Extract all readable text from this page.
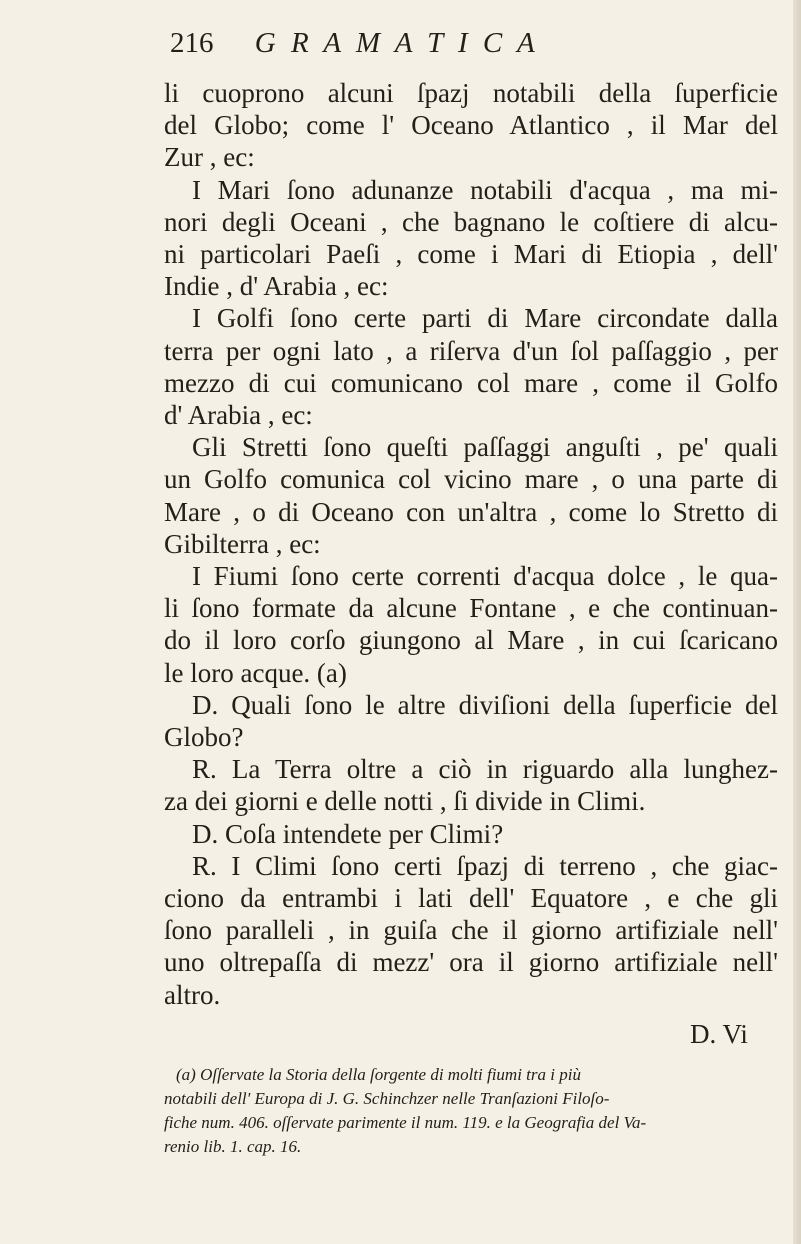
216 G R A M A T I C A
li cuoprono alcuni ſpazj notabili della ſuperficie
del Globo; come l' Oceano Atlantico , il Mar del
Zur , ec:
I Mari ſono adunanze notabili d'acqua , ma mi-
nori degli Oceani , che bagnano le coſtiere di alcu-
ni particolari Paeſi , come i Mari di Etiopia , dell'
Indie , d' Arabia , ec:
I Golfi ſono certe parti di Mare circondate dalla
terra per ogni lato , a riſerva d'un ſol paſſaggio , per
mezzo di cui comunicano col mare , come il Golfo
d' Arabia , ec:
Gli Stretti ſono queſti paſſaggi anguſti , pe' quali
un Golfo comunica col vicino mare , o una parte di
Mare , o di Oceano con un'altra , come lo Stretto di
Gibilterra , ec:
I Fiumi ſono certe correnti d'acqua dolce , le qua-
li ſono formate da alcune Fontane , e che continuan-
do il loro corſo giungono al Mare , in cui ſcaricano
le loro acque. (a)
D. Quali ſono le altre diviſioni della ſuperficie del
Globo?
R. La Terra oltre a ciò in riguardo alla lunghez-
za dei giorni e delle notti , ſi divide in Climi.
D. Coſa intendete per Climi?
R. I Climi ſono certi ſpazj di terreno , che giac-
ciono da entrambi i lati dell' Equatore , e che gli
ſono paralleli , in guiſa che il giorno artifiziale nell'
uno oltrepaſſa di mezz' ora il giorno artifiziale nell'
altro.
D. Vi
(a) Oſſervate la Storia della ſorgente di molti fiumi tra i più
notabili dell' Europa di J. G. Schinchzer nelle Tranſazioni Filoſo-
fiche num. 406. oſſervate parimente il num. 119. e la Geografia del Va-
renio lib. 1. cap. 16.
